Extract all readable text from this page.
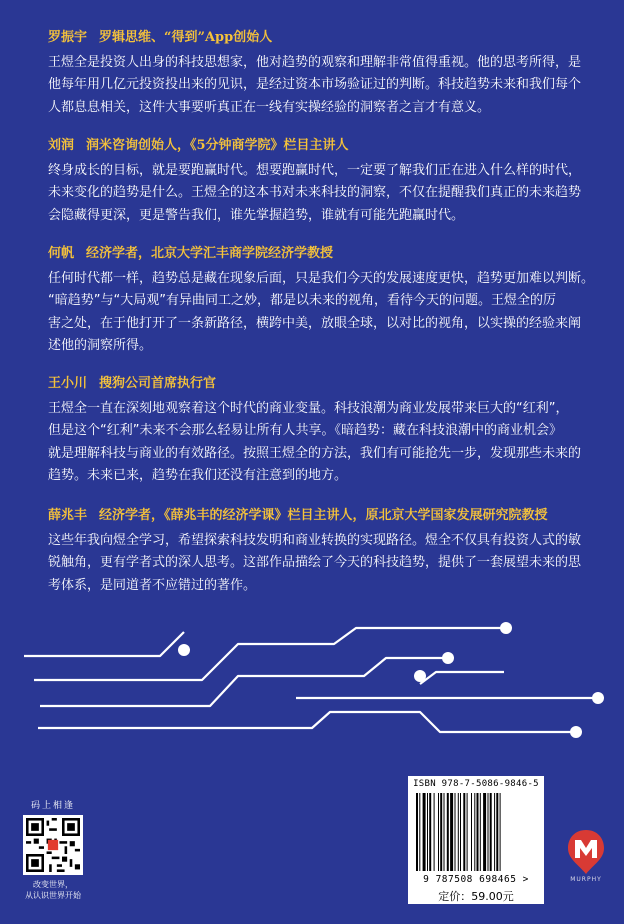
罗振宇 罗辑思维、“得到”App创始人
王煜全是投资人出身的科技思想家，他对趋势的观察和理解非常值得重视。他的思考所得，是
他每年用几亿元投资投出来的见识，是经过资本市场验证过的判断。科技趋势未来和我们每个
人都息息相关，这件大事要听真正在一线有实操经验的洞察者之言才有意义。
刘润 润米咨询创始人，《5分钟商学院》栏目主讲人
终身成长的目标，就是要跑赢时代。想要跑赢时代，一定要了解我们正在进入什么样的时代，
未来变化的趋势是什么。王煜全的这本书对未来科技的洞察，不仅在提醒我们真正的未来趋势
会隐藏得更深，更是警告我们，谁先掌握趋势，谁就有可能先跑赢时代。
何帆 经济学者，北京大学汇丰商学院经济学教授
任何时代都一样，趋势总是藏在现象后面，只是我们今天的发展速度更快，趋势更加难以判断。
“暗趋势”与“大局观”有异曲同工之妙，都是以未来的视角，看待今天的问题。王煜全的厉
害之处，在于他打开了一条新路径，横跨中美，放眼全球，以对比的视角，以实操的经验来阐
述他的洞察所得。
王小川 搜狗公司首席执行官
王煜全一直在深刻地观察着这个时代的商业变量。科技浪潮为商业发展带来巨大的“红利”，
但是这个“红利”未来不会那么轻易让所有人共享。《暗趋势：藏在科技浪潮中的商业机会》
就是理解科技与商业的有效路径。按照王煜全的方法，我们有可能抢先一步，发现那些未来的
趋势。未来已来，趋势在我们还没有注意到的地方。
薛兆丰 经济学者，《薛兆丰的经济学课》栏目主讲人，原北京大学国家发展研究院教授
这些年我向煜全学习，希望探索科技发明和商业转换的实现路径。煜全不仅具有投资人式的敏
锐触角，更有学者式的深人思考。这部作品描绘了今天的科技趋势，提供了一套展望未来的思
考体系，是同道者不应错过的著作。
码上相逢
改变世界，
从认识世界开始
ISBN 978-7-5086-9846-5
9 787508 698465 >
定价：59.00元
MURPHY
